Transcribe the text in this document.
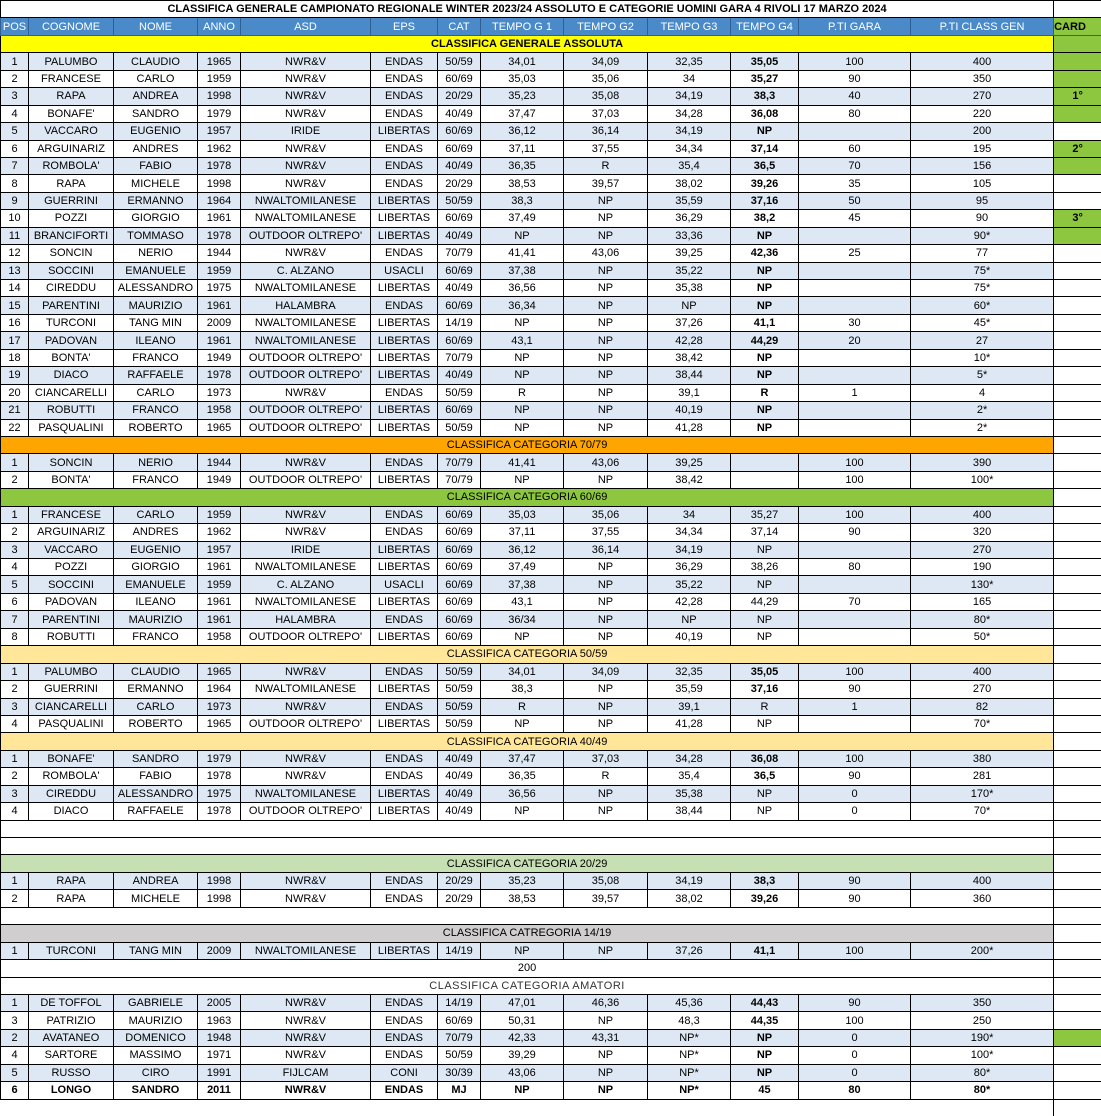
CLASSIFICA GENERALE CAMPIONATO REGIONALE WINTER 2023/24 ASSOLUTO E CATEGORIE UOMINI GARA 4 RIVOLI 17 MARZO 2024													
POS	COGNOME	NOME	ANNO	ASD	EPS	CAT	TEMPO G 1	TEMPO G2	TEMPO G3	TEMPO G4	P.TI GARA	P.TI CLASS GEN	CARD
CLASSIFICA GENERALE ASSOLUTA													
1	PALUMBO	CLAUDIO	1965	NWR&V	ENDAS	50/59	34,01	34,09	32,35	35,05	100	400	
2	FRANCESE	CARLO	1959	NWR&V	ENDAS	60/69	35,03	35,06	34	35,27	90	350	
3	RAPA	ANDREA	1998	NWR&V	ENDAS	20/29	35,23	35,08	34,19	38,3	40	270	1°
4	BONAFE'	SANDRO	1979	NWR&V	ENDAS	40/49	37,47	37,03	34,28	36,08	80	220	
5	VACCARO	EUGENIO	1957	IRIDE	LIBERTAS	60/69	36,12	36,14	34,19	NP		200	
6	ARGUINARIZ	ANDRES	1962	NWR&V	ENDAS	60/69	37,11	37,55	34,34	37,14	60	195	2°
7	ROMBOLA'	FABIO	1978	NWR&V	ENDAS	40/49	36,35	R	35,4	36,5	70	156	
8	RAPA	MICHELE	1998	NWR&V	ENDAS	20/29	38,53	39,57	38,02	39,26	35	105	
9	GUERRINI	ERMANNO	1964	NWALTOMILANESE	LIBERTAS	50/59	38,3	NP	35,59	37,16	50	95	
10	POZZI	GIORGIO	1961	NWALTOMILANESE	LIBERTAS	60/69	37,49	NP	36,29	38,2	45	90	3°
11	BRANCIFORTI	TOMMASO	1978	OUTDOOR OLTREPO'	LIBERTAS	40/49	NP	NP	33,36	NP		90*	
12	SONCIN	NERIO	1944	NWR&V	ENDAS	70/79	41,41	43,06	39,25	42,36	25	77	
13	SOCCINI	EMANUELE	1959	C. ALZANO	USACLI	60/69	37,38	NP	35,22	NP		75*	
14	CIREDDU	ALESSANDRO	1975	NWALTOMILANESE	LIBERTAS	40/49	36,56	NP	35,38	NP		75*	
15	PARENTINI	MAURIZIO	1961	HALAMBRA	ENDAS	60/69	36,34	NP	NP	NP		60*	
16	TURCONI	TANG MIN	2009	NWALTOMILANESE	LIBERTAS	14/19	NP	NP	37,26	41,1	30	45*	
17	PADOVAN	ILEANO	1961	NWALTOMILANESE	LIBERTAS	60/69	43,1	NP	42,28	44,29	20	27	
18	BONTA'	FRANCO	1949	OUTDOOR OLTREPO'	LIBERTAS	70/79	NP	NP	38,42	NP		10*	
19	DIACO	RAFFAELE	1978	OUTDOOR OLTREPO'	LIBERTAS	40/49	NP	NP	38,44	NP		5*	
20	CIANCARELLI	CARLO	1973	NWR&V	ENDAS	50/59	R	NP	39,1	R	1	4	
21	ROBUTTI	FRANCO	1958	OUTDOOR OLTREPO'	LIBERTAS	60/69	NP	NP	40,19	NP		2*	
22	PASQUALINI	ROBERTO	1965	OUTDOOR OLTREPO'	LIBERTAS	50/59	NP	NP	41,28	NP		2*	
CLASSIFICA CATEGORIA 70/79													
1	SONCIN	NERIO	1944	NWR&V	ENDAS	70/79	41,41	43,06	39,25		100	390	
2	BONTA'	FRANCO	1949	OUTDOOR OLTREPO'	LIBERTAS	70/79	NP	NP	38,42		100	100*	
CLASSIFICA CATEGORIA 60/69													
1	FRANCESE	CARLO	1959	NWR&V	ENDAS	60/69	35,03	35,06	34	35,27	100	400	
2	ARGUINARIZ	ANDRES	1962	NWR&V	ENDAS	60/69	37,11	37,55	34,34	37,14	90	320	
3	VACCARO	EUGENIO	1957	IRIDE	LIBERTAS	60/69	36,12	36,14	34,19	NP		270	
4	POZZI	GIORGIO	1961	NWALTOMILANESE	LIBERTAS	60/69	37,49	NP	36,29	38,26	80	190	
5	SOCCINI	EMANUELE	1959	C. ALZANO	USACLI	60/69	37,38	NP	35,22	NP		130*	
6	PADOVAN	ILEANO	1961	NWALTOMILANESE	LIBERTAS	60/69	43,1	NP	42,28	44,29	70	165	
7	PARENTINI	MAURIZIO	1961	HALAMBRA	ENDAS	60/69	36/34	NP	NP	NP		80*	
8	ROBUTTI	FRANCO	1958	OUTDOOR OLTREPO'	LIBERTAS	60/69	NP	NP	40,19	NP		50*	
CLASSIFICA CATEGORIA 50/59													
1	PALUMBO	CLAUDIO	1965	NWR&V	ENDAS	50/59	34,01	34,09	32,35	35,05	100	400	
2	GUERRINI	ERMANNO	1964	NWALTOMILANESE	LIBERTAS	50/59	38,3	NP	35,59	37,16	90	270	
3	CIANCARELLI	CARLO	1973	NWR&V	ENDAS	50/59	R	NP	39,1	R	1	82	
4	PASQUALINI	ROBERTO	1965	OUTDOOR OLTREPO'	LIBERTAS	50/59	NP	NP	41,28	NP		70*	
CLASSIFICA CATEGORIA 40/49													
1	BONAFE'	SANDRO	1979	NWR&V	ENDAS	40/49	37,47	37,03	34,28	36,08	100	380	
2	ROMBOLA'	FABIO	1978	NWR&V	ENDAS	40/49	36,35	R	35,4	36,5	90	281	
3	CIREDDU	ALESSANDRO	1975	NWALTOMILANESE	LIBERTAS	40/49	36,56	NP	35,38	NP	0	170*	
4	DIACO	RAFFAELE	1978	OUTDOOR OLTREPO'	LIBERTAS	40/49	NP	NP	38,44	NP	0	70*	

CLASSIFICA CATEGORIA 20/29													
1	RAPA	ANDREA	1998	NWR&V	ENDAS	20/29	35,23	35,08	34,19	38,3	90	400	
2	RAPA	MICHELE	1998	NWR&V	ENDAS	20/29	38,53	39,57	38,02	39,26	90	360	

CLASSIFICA CATREGORIA 14/19													
1	TURCONI	TANG MIN	2009	NWALTOMILANESE	LIBERTAS	14/19	NP	NP	37,26	41,1	100	200*	
200													
CLASSIFICA CATEGORIA AMATORI													
1	DE TOFFOL	GABRIELE	2005	NWR&V	ENDAS	14/19	47,01	46,36	45,36	44,43	90	350	
3	PATRIZIO	MAURIZIO	1963	NWR&V	ENDAS	60/69	50,31	NP	48,3	44,35	100	250	
2	AVATANEO	DOMENICO	1948	NWR&V	ENDAS	70/79	42,33	43,31	NP*	NP	0	190*	
4	SARTORE	MASSIMO	1971	NWR&V	ENDAS	50/59	39,29	NP	NP*	NP	0	100*	
5	RUSSO	CIRO	1991	FIJLCAM	CONI	30/39	43,06	NP	NP*	NP	0	80*	
6	LONGO	SANDRO	2011	NWR&V	ENDAS	MJ	NP	NP	NP*	45	80	80*	
